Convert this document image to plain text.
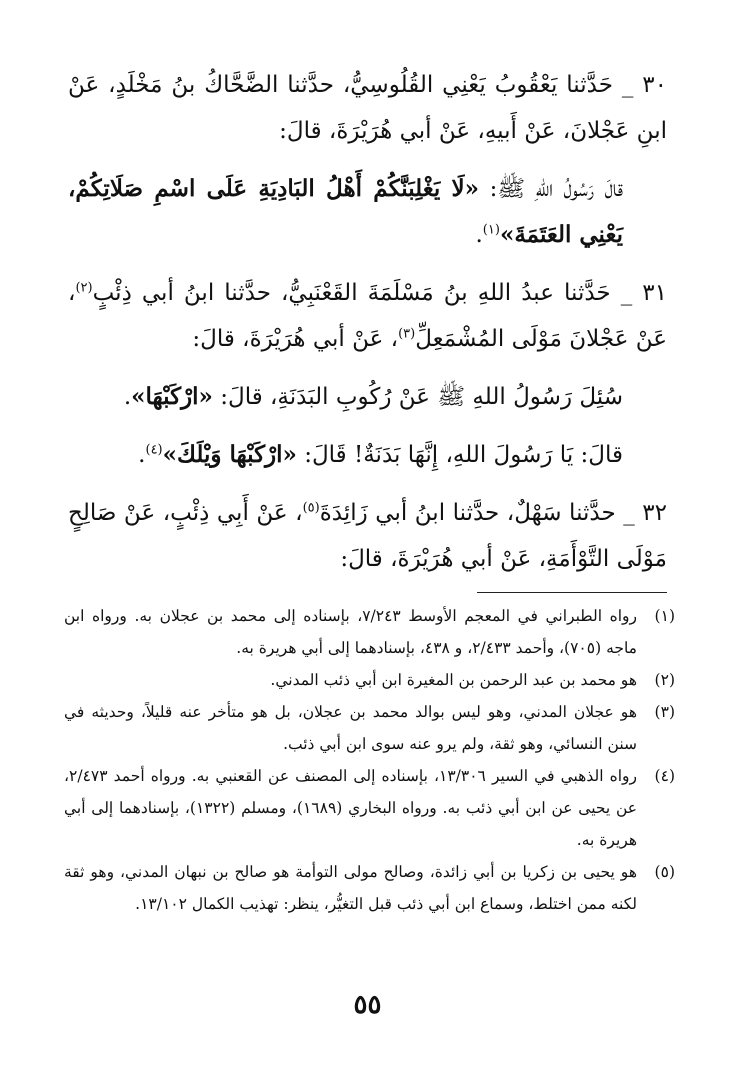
٣٠ _ حَدَّثنا يَعْقُوبُ يَعْنِي القُلُوسِيُّ، حدَّثنا الضَّحَّاكُ بنُ مَخْلَدٍ، عَنْ ابنِ عَجْلانَ، عَنْ أَبيهِ، عَنْ أبي هُرَيْرَةَ، قالَ:

قالَ رَسُولُ اللهِ ﷺ: «لَا يَغْلِبَنَّكُمْ أَهْلُ البَادِيَةِ عَلَى اسْمِ صَلَاتِكُمْ، يَعْنِي العَتَمَةَ»$^{(١)}$.

٣١ _ حَدَّثنا عبدُ اللهِ بنُ مَسْلَمَةَ القَعْنَبِيُّ، حدَّثنا ابنُ أبي ذِئْبٍ$^{(٢)}$، عَنْ عَجْلانَ مَوْلَى المُشْمَعِلِّ$^{(٣)}$، عَنْ أبي هُرَيْرَةَ، قالَ:

سُئِلَ رَسُولُ اللهِ ﷺ عَنْ رُكُوبِ البَدَنَةِ، قالَ: «ارْكَبْهَا».

قالَ: يَا رَسُولَ اللهِ، إِنَّهَا بَدَنَةٌ! قَالَ: «ارْكَبْهَا وَيْلَكَ»$^{(٤)}$.

٣٢ _ حدَّثنا سَهْلٌ، حدَّثنا ابنُ أبي زَائِدَةَ$^{(٥)}$، عَنْ أَبِي ذِئْبٍ، عَنْ صَالِحٍ مَوْلَى التَّوْأَمَةِ، عَنْ أبي هُرَيْرَةَ، قالَ:

(١)
رواه الطبراني في المعجم الأوسط ٧/٢٤٣، بإسناده إلى محمد بن عجلان به. ورواه ابن ماجه (٧٠٥)، وأحمد ٢/٤٣٣، و ٤٣٨، بإسنادهما إلى أبي هريرة به.
(٢)
هو محمد بن عبد الرحمن بن المغيرة ابن أبي ذئب المدني.
(٣)
هو عجلان المدني، وهو ليس بوالد محمد بن عجلان، بل هو متأخر عنه قليلاً، وحديثه في سنن النسائي، وهو ثقة، ولم يرو عنه سوى ابن أبي ذئب.
(٤)
رواه الذهبي في السير ١٣/٣٠٦، بإسناده إلى المصنف عن القعنبي به. ورواه أحمد ٢/٤٧٣، عن يحيى عن ابن أبي ذئب به. ورواه البخاري (١٦٨٩)، ومسلم (١٣٢٢)، بإسنادهما إلى أبي هريرة به.
(٥)
هو يحيى بن زكريا بن أبي زائدة، وصالح مولى التوأمة هو صالح بن نبهان المدني، وهو ثقة لكنه ممن اختلط، وسماع ابن أبي ذئب قبل التغيُّر، ينظر: تهذيب الكمال ١٣/١٠٢.
٥٥
